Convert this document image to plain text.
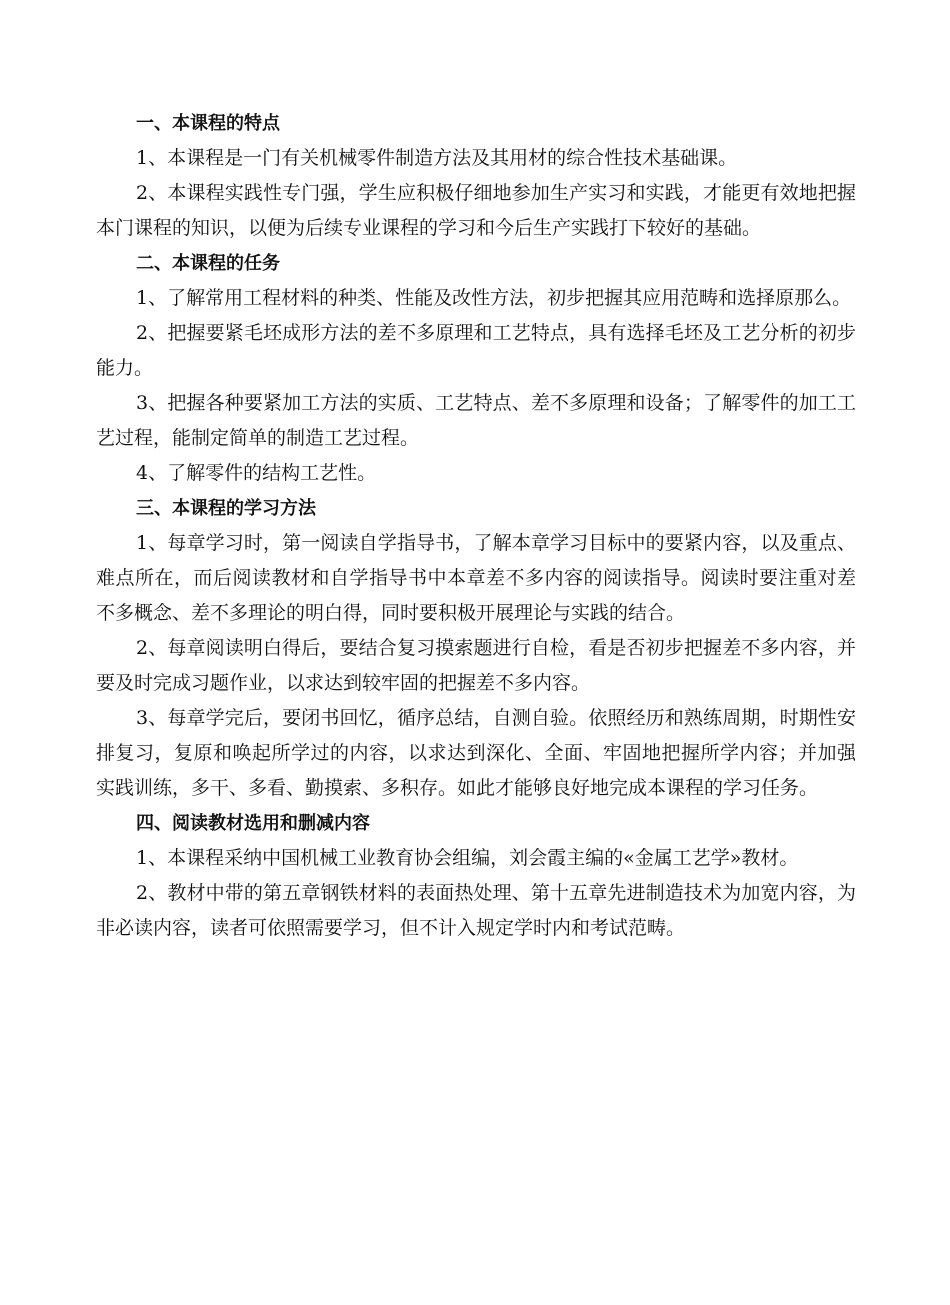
一、本课程的特点

1、本课程是一门有关机械零件制造方法及其用材的综合性技术基础课。

2、本课程实践性专门强，学生应积极仔细地参加生产实习和实践，才能更有效地把握本门课程的知识，以便为后续专业课程的学习和今后生产实践打下较好的基础。

二、本课程的任务

1、了解常用工程材料的种类、性能及改性方法，初步把握其应用范畴和选择原那么。

2、把握要紧毛坯成形方法的差不多原理和工艺特点，具有选择毛坯及工艺分析的初步能力。

3、把握各种要紧加工方法的实质、工艺特点、差不多原理和设备；了解零件的加工工艺过程，能制定简单的制造工艺过程。

4、了解零件的结构工艺性。

三、本课程的学习方法

1、每章学习时，第一阅读自学指导书，了解本章学习目标中的要紧内容，以及重点、难点所在，而后阅读教材和自学指导书中本章差不多内容的阅读指导。阅读时要注重对差不多概念、差不多理论的明白得，同时要积极开展理论与实践的结合。

2、每章阅读明白得后，要结合复习摸索题进行自检，看是否初步把握差不多内容，并要及时完成习题作业，以求达到较牢固的把握差不多内容。

3、每章学完后，要闭书回忆，循序总结，自测自验。依照经历和熟练周期，时期性安排复习，复原和唤起所学过的内容，以求达到深化、全面、牢固地把握所学内容；并加强实践训练，多干、多看、勤摸索、多积存。如此才能够良好地完成本课程的学习任务。

四、阅读教材选用和删减内容

1、本课程采纳中国机械工业教育协会组编，刘会霞主编的«金属工艺学»教材。

2、教材中带的第五章钢铁材料的表面热处理、第十五章先进制造技术为加宽内容，为非必读内容，读者可依照需要学习，但不计入规定学时内和考试范畴。
